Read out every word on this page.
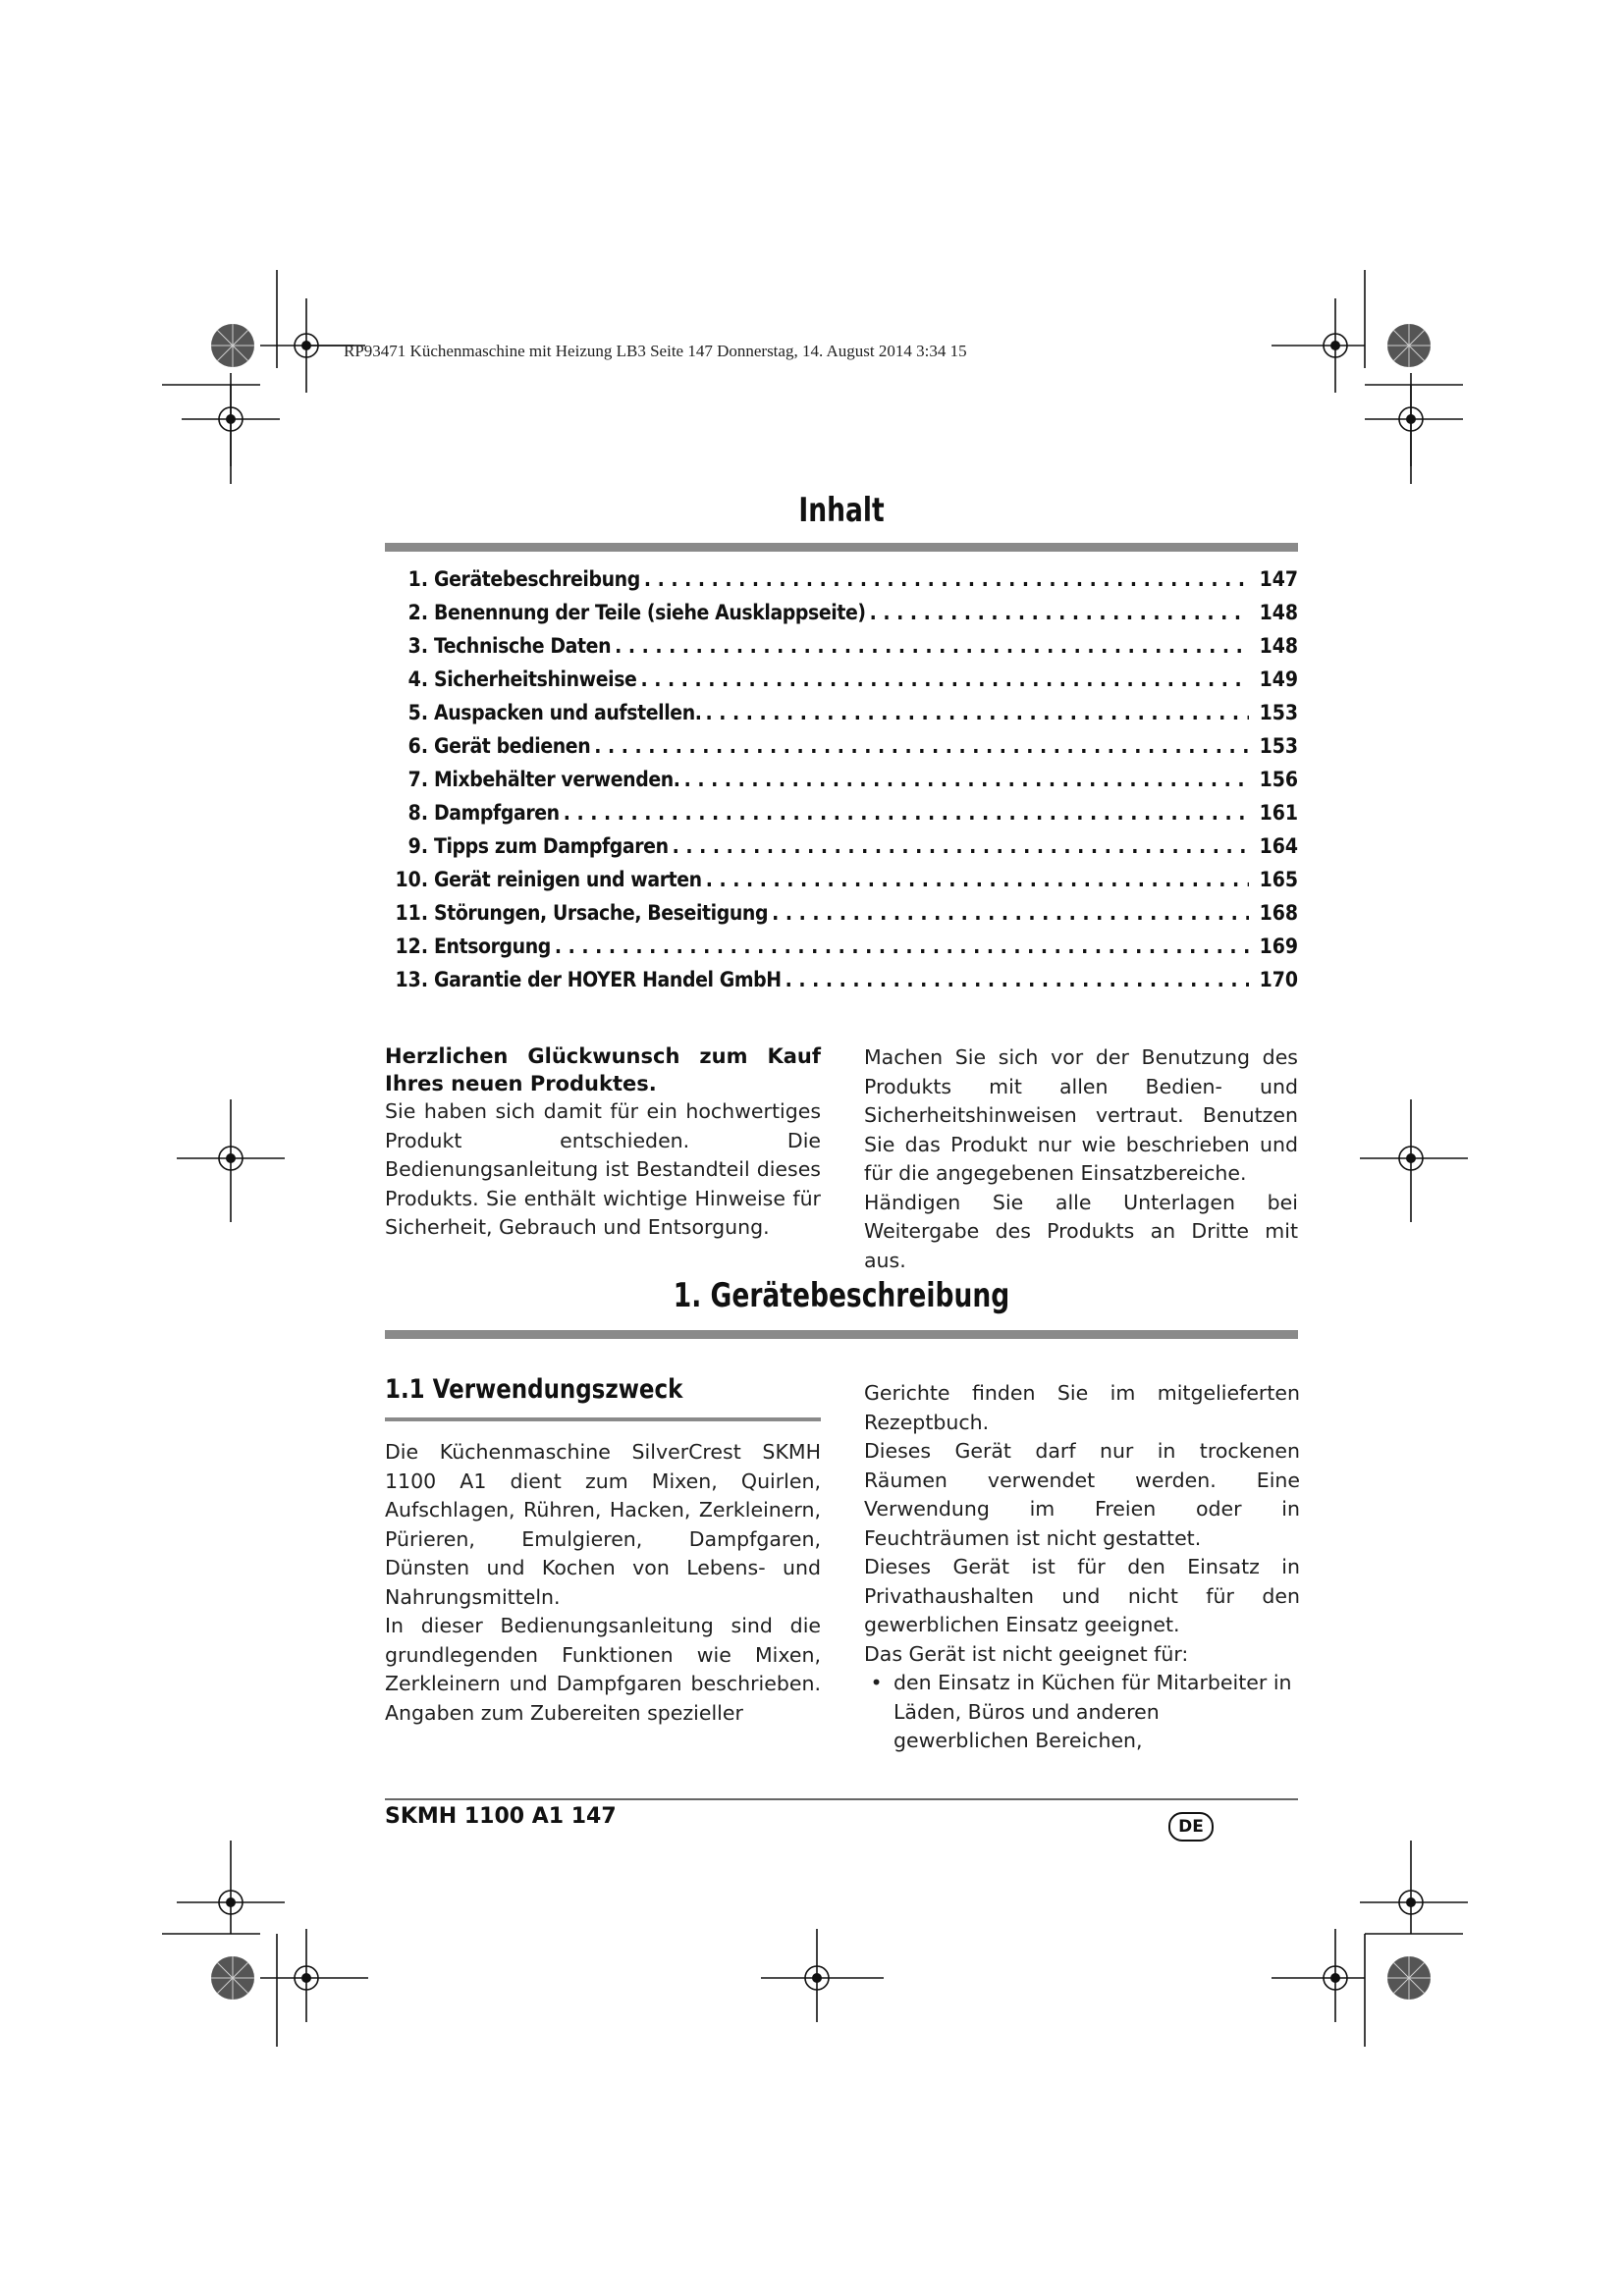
RP93471 Küchenmaschine mit Heizung LB3 Seite 147 Donnerstag, 14. August 2014 3:34 15
Inhalt
1. Gerätebeschreibung . . .	147
2. Benennung der Teile (siehe Ausklappseite) . . .	148
3. Technische Daten . . .	148
4. Sicherheitshinweise . . .	149
5. Auspacken und aufstellen. . . .	153
6. Gerät bedienen . . .	153
7. Mixbehälter verwenden. . . .	156
8. Dampfgaren . . .	161
9. Tipps zum Dampfgaren . . .	164
10. Gerät reinigen und warten . . .	165
11. Störungen, Ursache, Beseitigung . . .	168
12. Entsorgung . . .	169
13. Garantie der HOYER Handel GmbH . . .	170
Herzlichen Glückwunsch zum Kauf Ihres neuen Produktes.

Sie haben sich damit für ein hochwertiges Produkt entschieden. Die Bedienungsanleitung ist Bestandteil dieses Produkts. Sie enthält wichtige Hinweise für Sicherheit, Gebrauch und Entsorgung.

Machen Sie sich vor der Benutzung des Produkts mit allen Bedien- und Sicherheitshinweisen vertraut. Benutzen Sie das Produkt nur wie beschrieben und für die angegebenen Einsatzbereiche.

Händigen Sie alle Unterlagen bei Weitergabe des Produkts an Dritte mit aus.

1. Gerätebeschreibung
1.1 Verwendungszweck

Die Küchenmaschine SilverCrest SKMH 1100 A1 dient zum Mixen, Quirlen, Aufschlagen, Rühren, Hacken, Zerkleinern, Pürieren, Emulgieren, Dampfgaren, Dünsten und Kochen von Lebens- und Nahrungsmitteln.

In dieser Bedienungsanleitung sind die grundlegenden Funktionen wie Mixen, Zerkleinern und Dampfgaren beschrieben. Angaben zum Zubereiten spezieller

Gerichte finden Sie im mitgelieferten Rezeptbuch.

Dieses Gerät darf nur in trockenen Räumen verwendet werden. Eine Verwendung im Freien oder in Feuchträumen ist nicht gestattet.

Dieses Gerät ist für den Einsatz in Privathaushalten und nicht für den gewerblichen Einsatz geeignet.

Das Gerät ist nicht geeignet für:

• den Einsatz in Küchen für Mitarbeiter in Läden, Büros und anderen gewerblichen Bereichen,
SKMH 1100 A1 147	DE
